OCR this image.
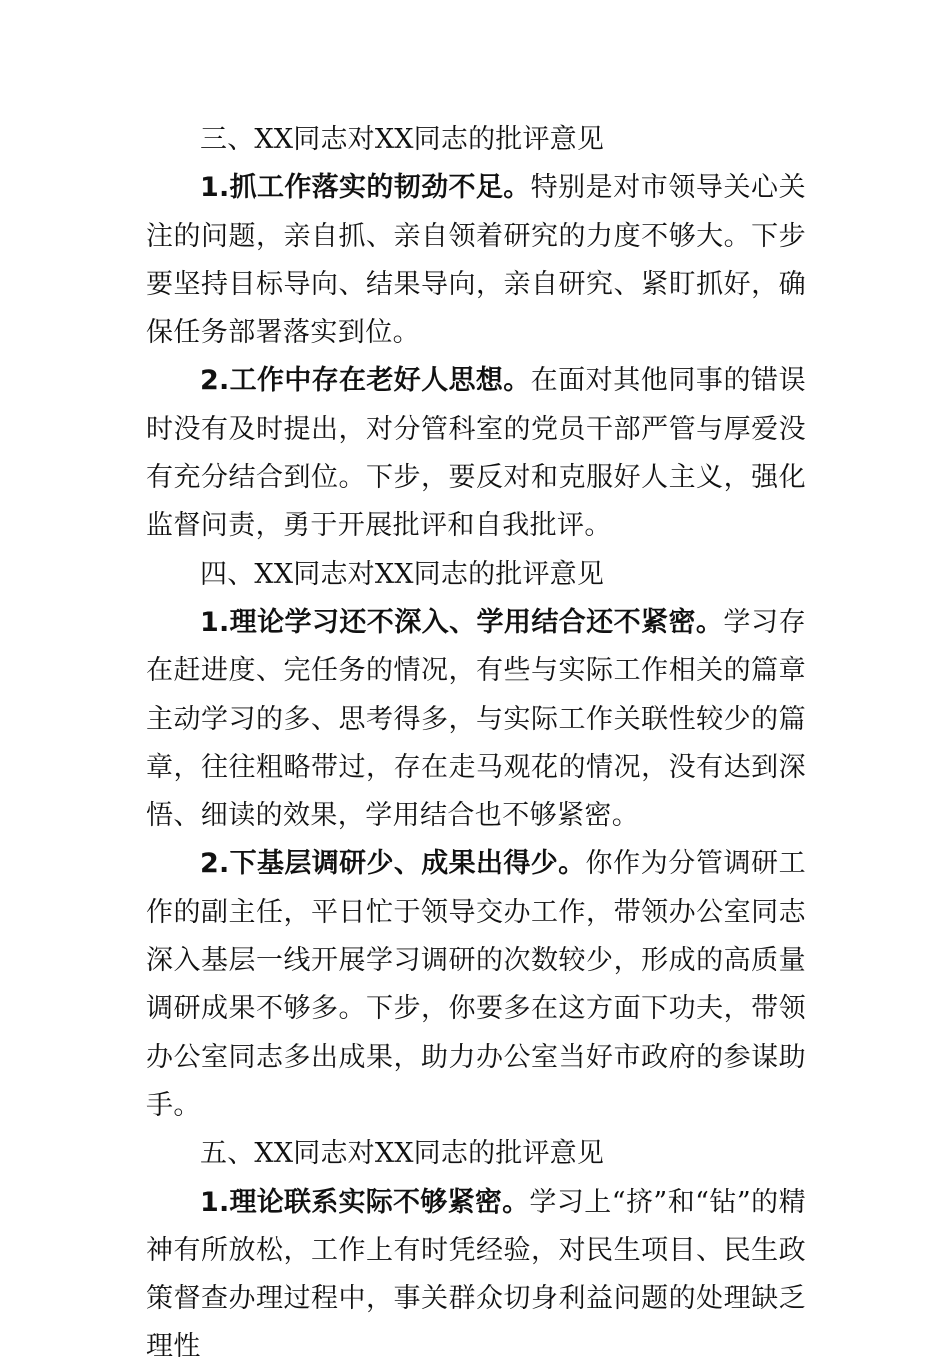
三、XX同志对XX同志的批评意见

1.抓工作落实的韧劲不足。特别是对市领导关心关注的问题，亲自抓、亲自领着研究的力度不够大。下步要坚持目标导向、结果导向，亲自研究、紧盯抓好，确保任务部署落实到位。

2.工作中存在老好人思想。在面对其他同事的错误时没有及时提出，对分管科室的党员干部严管与厚爱没有充分结合到位。下步，要反对和克服好人主义，强化监督问责，勇于开展批评和自我批评。

四、XX同志对XX同志的批评意见

1.理论学习还不深入、学用结合还不紧密。学习存在赶进度、完任务的情况，有些与实际工作相关的篇章主动学习的多、思考得多，与实际工作关联性较少的篇章，往往粗略带过，存在走马观花的情况，没有达到深悟、细读的效果，学用结合也不够紧密。

2.下基层调研少、成果出得少。你作为分管调研工作的副主任，平日忙于领导交办工作，带领办公室同志深入基层一线开展学习调研的次数较少，形成的高质量调研成果不够多。下步，你要多在这方面下功夫，带领办公室同志多出成果，助力办公室当好市政府的参谋助手。

五、XX同志对XX同志的批评意见

1.理论联系实际不够紧密。学习上“挤”和“钻”的精神有所放松，工作上有时凭经验，对民生项目、民生政策督查办理过程中，事关群众切身利益问题的处理缺乏理性
